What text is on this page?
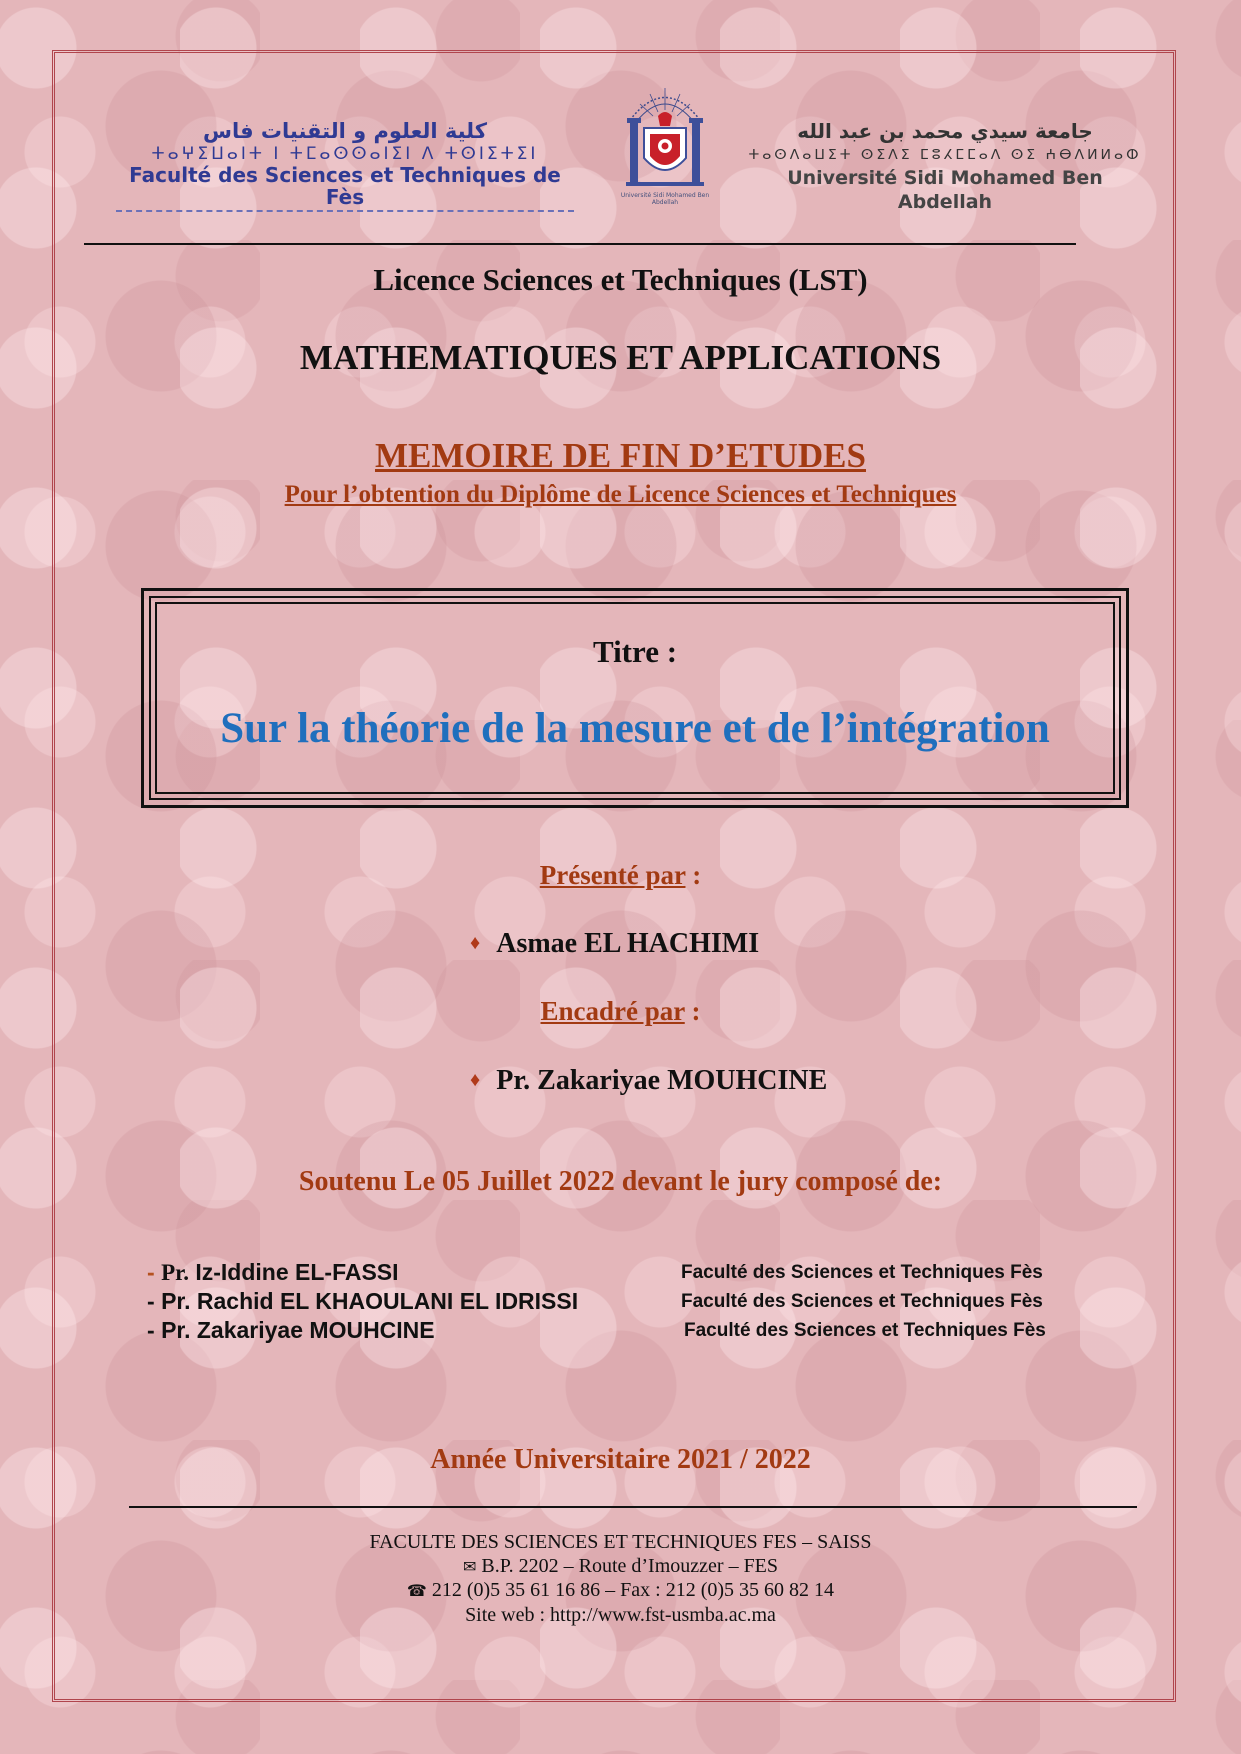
كلية العلوم و التقنيات فاس
ⵜⴰⵖⵉⵡⴰⵏⵜ ⵏ ⵜⵎⴰⵙⵙⴰⵏⵉⵏ ⴷ ⵜⵙⵏⵉⵜⵉⵏ
Faculté des Sciences et Techniques de Fès	Université Sidi Mohamed Ben Abdellah
جامعة سيدي محمد بن عبد الله
ⵜⴰⵙⴷⴰⵡⵉⵜ ⵙⵉⴷⵉ ⵎⵓⵃⵎⵎⴰⴷ ⵙⵉ ⵄⴱⴷⵍⵍⴰⵀ
Université Sidi Mohamed Ben Abdellah
Licence Sciences et Techniques (LST)
MATHEMATIQUES ET APPLICATIONS
MEMOIRE DE FIN D’ETUDES
Pour l’obtention du Diplôme de Licence Sciences et Techniques
Titre :
Sur la théorie de la mesure et de l’intégration
Présenté par :
♦ Asmae EL HACHIMI
Encadré par :
♦ Pr. Zakariyae MOUHCINE
Soutenu Le 05 Juillet 2022 devant le jury composé de:
- Pr. Iz-Iddine EL-FASSI	Faculté des Sciences et Techniques Fès
- Pr. Rachid EL KHAOULANI EL IDRISSI	Faculté des Sciences et Techniques Fès
- Pr. Zakariyae MOUHCINE	Faculté des Sciences et Techniques Fès
Année Universitaire 2021 / 2022
FACULTE DES SCIENCES ET TECHNIQUES FES – SAISS
✉ B.P. 2202 – Route d’Imouzzer – FES
☎ 212 (0)5 35 61 16 86 – Fax : 212 (0)5 35 60 82 14
Site web : http://www.fst-usmba.ac.ma
